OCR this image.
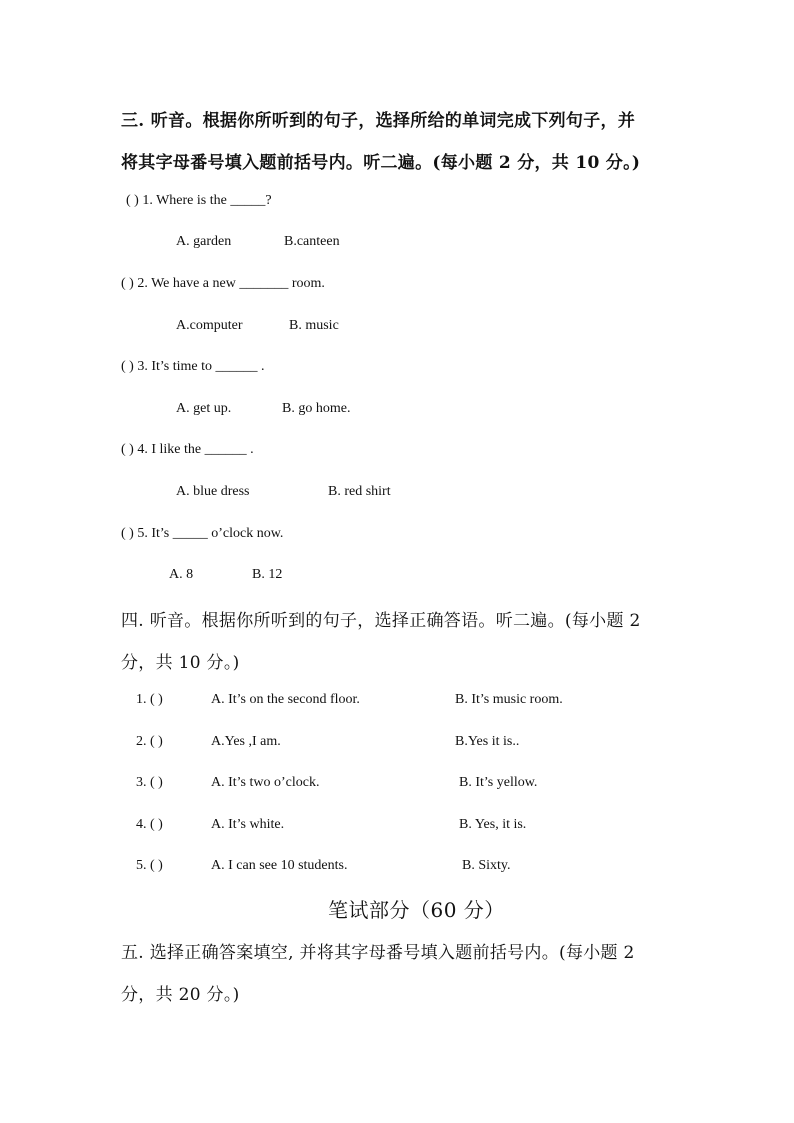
三. 听音。根据你所听到的句子，选择所给的单词完成下列句子，并
将其字母番号填入题前括号内。听二遍。(每小题 2 分，共 10 分。)
( ) 1. Where is the _____?
A. garden	B.canteen
( ) 2. We have a new _______ room.
A.computer	B. music
( ) 3. It’s time to ______ .
A. get up.	B. go home.
( ) 4. I like the ______ .
A. blue dress	B. red shirt
( ) 5. It’s _____ o’clock now.
A. 8	B. 12
四. 听音。根据你所听到的句子，选择正确答语。听二遍。(每小题 2
分，共 10 分。)
1. ( )	A. It’s on the second floor.	B. It’s music room.
2. ( )	A.Yes ,I am.	B.Yes it is..
3. ( )	A. It’s two o’clock.	B. It’s yellow.
4. ( )	A. It’s white.	B. Yes, it is.
5. ( )	A. I can see 10 students.	B. Sixty.
笔试部分（60 分）
五. 选择正确答案填空, 并将其字母番号填入题前括号内。(每小题 2
分，共 20 分。)
